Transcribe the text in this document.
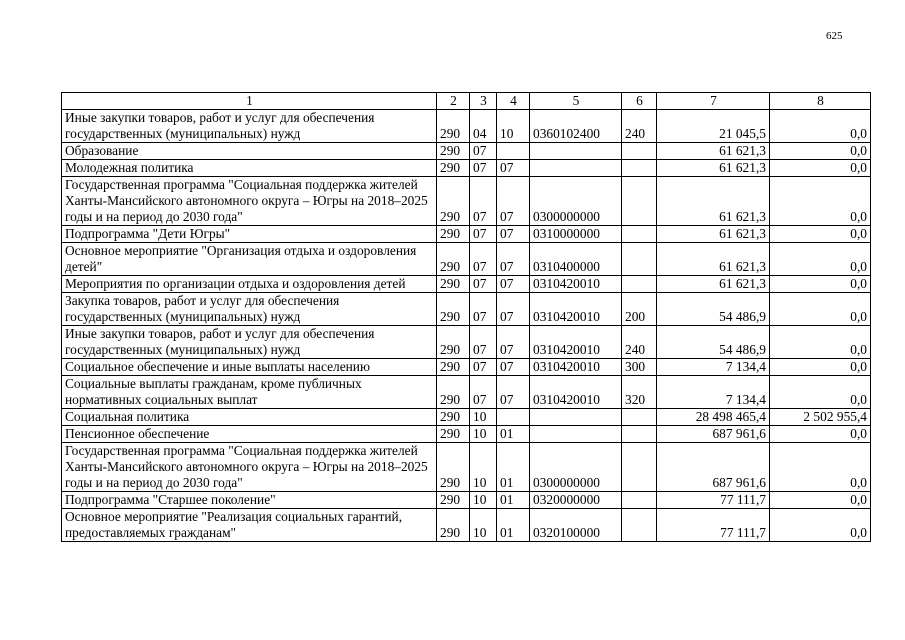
625
1	2	3	4	5	6	7	8
Иные закупки товаров, работ и услуг для обеспечения государственных (муниципальных) нужд	290	04	10	0360102400	240	21 045,5	0,0
Образование	290	07				61 621,3	0,0
Молодежная политика	290	07	07			61 621,3	0,0
Государственная программа "Социальная поддержка жителей Ханты-Мансийского автономного округа – Югры на 2018–2025 годы и на период до 2030 года"	290	07	07	0300000000		61 621,3	0,0
Подпрограмма "Дети Югры"	290	07	07	0310000000		61 621,3	0,0
Основное мероприятие "Организация отдыха и оздоровления детей"	290	07	07	0310400000		61 621,3	0,0
Мероприятия по организации отдыха и оздоровления детей	290	07	07	0310420010		61 621,3	0,0
Закупка товаров, работ и услуг для обеспечения государственных (муниципальных) нужд	290	07	07	0310420010	200	54 486,9	0,0
Иные закупки товаров, работ и услуг для обеспечения государственных (муниципальных) нужд	290	07	07	0310420010	240	54 486,9	0,0
Социальное обеспечение и иные выплаты населению	290	07	07	0310420010	300	7 134,4	0,0
Социальные выплаты гражданам, кроме публичных нормативных социальных выплат	290	07	07	0310420010	320	7 134,4	0,0
Социальная политика	290	10				28 498 465,4	2 502 955,4
Пенсионное обеспечение	290	10	01			687 961,6	0,0
Государственная программа "Социальная поддержка жителей Ханты-Мансийского автономного округа – Югры на 2018–2025 годы и на период до 2030 года"	290	10	01	0300000000		687 961,6	0,0
Подпрограмма "Старшее поколение"	290	10	01	0320000000		77 111,7	0,0
Основное мероприятие "Реализация социальных гарантий, предоставляемых гражданам"	290	10	01	0320100000		77 111,7	0,0
